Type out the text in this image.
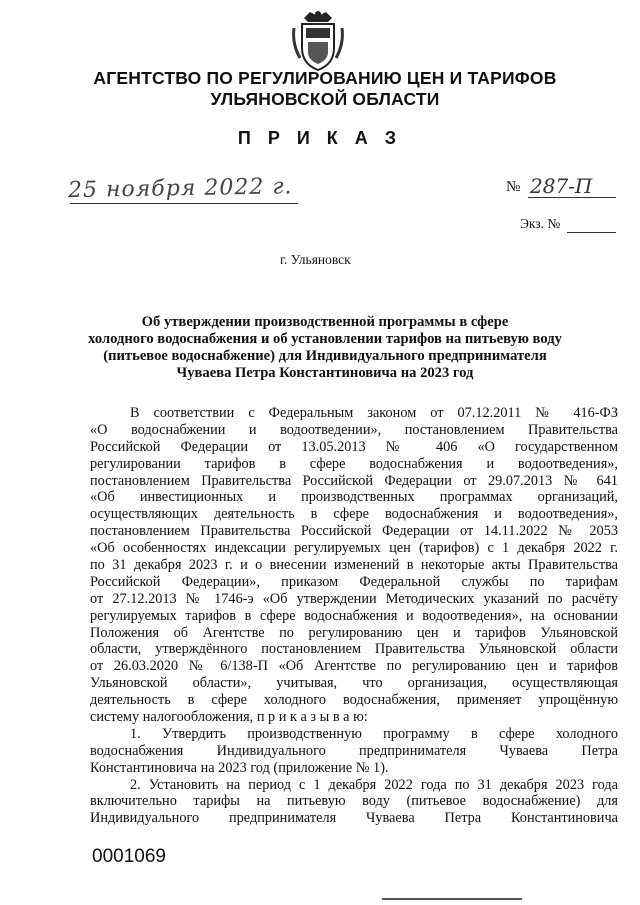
АГЕНТСТВО ПО РЕГУЛИРОВАНИЮ ЦЕН И ТАРИФОВ
УЛЬЯНОВСКОЙ ОБЛАСТИ
П Р И К А З
25 ноября 2022 г.	№ 287-П
Экз. №
г. Ульяновск
Об утверждении производственной программы в сфере
холодного водоснабжения и об установлении тарифов на питьевую воду
(питьевое водоснабжение) для Индивидуального предпринимателя
Чуваева Петра Константиновича на 2023 год
В соответствии с Федеральным законом от 07.12.2011 № 416-ФЗ
«О водоснабжении и водоотведении», постановлением Правительства
Российской Федерации от 13.05.2013 № 406 «О государственном
регулировании тарифов в сфере водоснабжения и водоотведения»,
постановлением Правительства Российской Федерации от 29.07.2013 № 641
«Об инвестиционных и производственных программах организаций,
осуществляющих деятельность в сфере водоснабжения и водоотведения»,
постановлением Правительства Российской Федерации от 14.11.2022 № 2053
«Об особенностях индексации регулируемых цен (тарифов) с 1 декабря 2022 г.
по 31 декабря 2023 г. и о внесении изменений в некоторые акты Правительства
Российской Федерации», приказом Федеральной службы по тарифам
от 27.12.2013 № 1746-э «Об утверждении Методических указаний по расчёту
регулируемых тарифов в сфере водоснабжения и водоотведения», на основании
Положения об Агентстве по регулированию цен и тарифов Ульяновской
области, утверждённого постановлением Правительства Ульяновской области
от 26.03.2020 № 6/138-П «Об Агентстве по регулированию цен и тарифов
Ульяновской области», учитывая, что организация, осуществляющая
деятельность в сфере холодного водоснабжения, применяет упрощённую
систему налогообложения, п р и к а з ы в а ю:
1. Утвердить производственную программу в сфере холодного
водоснабжения Индивидуального предпринимателя Чуваева Петра
Константиновича на 2023 год (приложение № 1).
2. Установить на период с 1 декабря 2022 года по 31 декабря 2023 года
включительно тарифы на питьевую воду (питьевое водоснабжение) для
Индивидуального предпринимателя Чуваева Петра Константиновича
0001069
